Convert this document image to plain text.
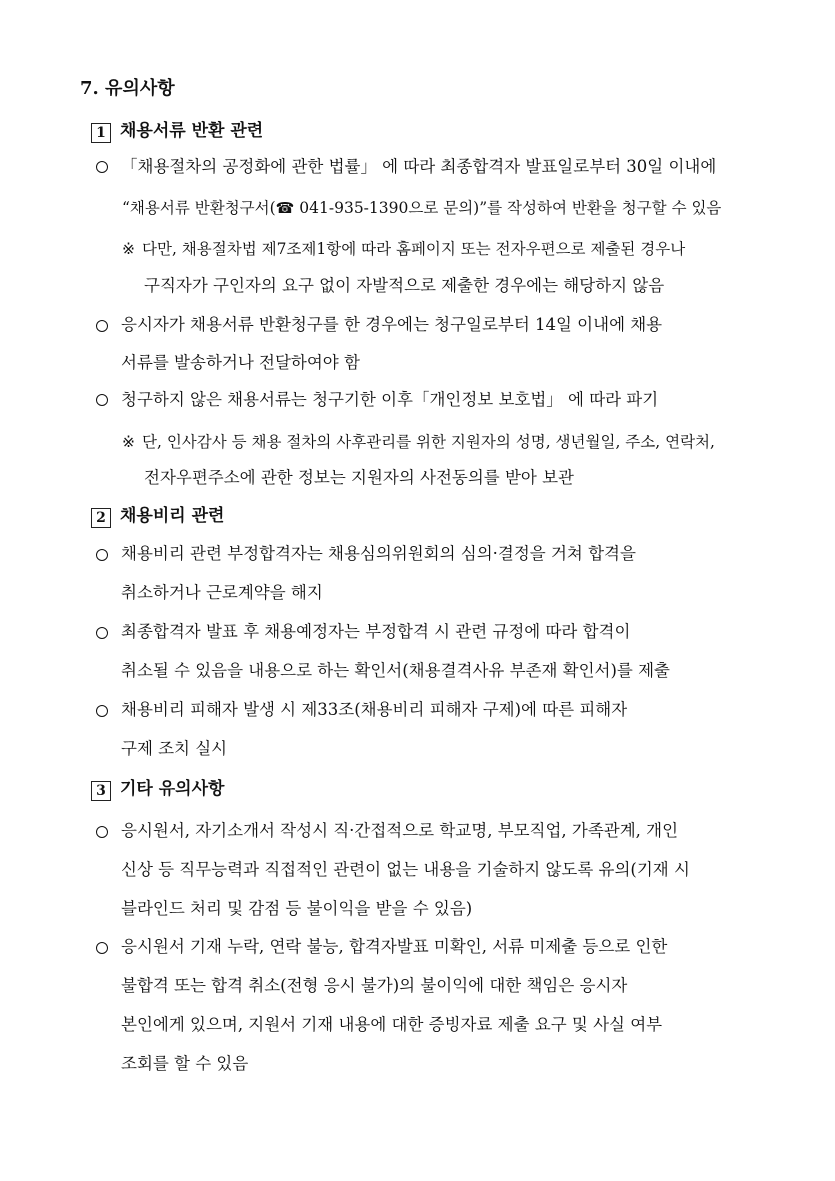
7. 유의사항
1 채용서류 반환 관련
「채용절차의 공정화에 관한 법률」 에 따라 최종합격자 발표일로부터 30일 이내에
“채용서류 반환청구서(☎ 041-935-1390으로 문의)”를 작성하여 반환을 청구할 수 있음
※ 다만, 채용절차법 제7조제1항에 따라 홈페이지 또는 전자우편으로 제출된 경우나
구직자가 구인자의 요구 없이 자발적으로 제출한 경우에는 해당하지 않음
응시자가 채용서류 반환청구를 한 경우에는 청구일로부터 14일 이내에 채용
서류를 발송하거나 전달하여야 함
청구하지 않은 채용서류는 청구기한 이후「개인정보 보호법」 에 따라 파기
※ 단, 인사감사 등 채용 절차의 사후관리를 위한 지원자의 성명, 생년월일, 주소, 연락처,
전자우편주소에 관한 정보는 지원자의 사전동의를 받아 보관
2 채용비리 관련
채용비리 관련 부정합격자는 채용심의위원회의 심의·결정을 거쳐 합격을
취소하거나 근로계약을 해지
최종합격자 발표 후 채용예정자는 부정합격 시 관련 규정에 따라 합격이
취소될 수 있음을 내용으로 하는 확인서(채용결격사유 부존재 확인서)를 제출
채용비리 피해자 발생 시 제33조(채용비리 피해자 구제)에 따른 피해자
구제 조치 실시
3 기타 유의사항
응시원서, 자기소개서 작성시 직·간접적으로 학교명, 부모직업, 가족관계, 개인
신상 등 직무능력과 직접적인 관련이 없는 내용을 기술하지 않도록 유의(기재 시
블라인드 처리 및 감점 등 불이익을 받을 수 있음)
응시원서 기재 누락, 연락 불능, 합격자발표 미확인, 서류 미제출 등으로 인한
불합격 또는 합격 취소(전형 응시 불가)의 불이익에 대한 책임은 응시자
본인에게 있으며, 지원서 기재 내용에 대한 증빙자료 제출 요구 및 사실 여부
조회를 할 수 있음
